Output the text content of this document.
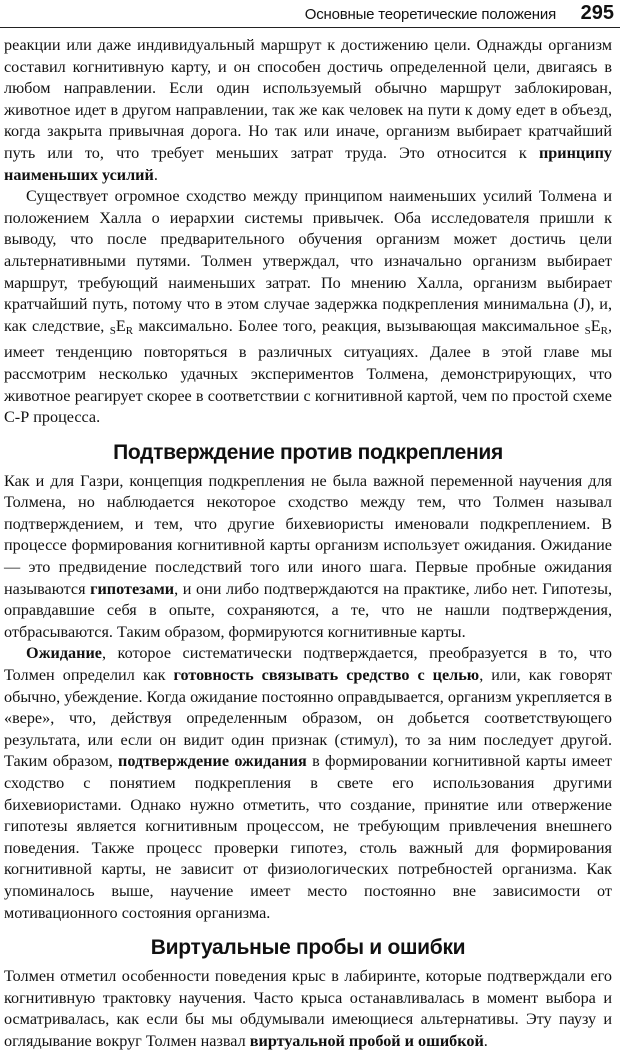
Основные теоретические положения 295

реакции или даже индивидуальный маршрут к достижению цели. Однажды организм составил когнитивную карту, и он способен достичь определенной цели, двигаясь в любом направлении. Если один используемый обычно маршрут заблокирован, животное идет в другом направлении, так же как человек на пути к дому едет в объезд, когда закрыта привычная дорога. Но так или иначе, организм выбирает кратчайший путь или то, что требует меньших затрат труда. Это относится к принципу наименьших усилий.

Существует огромное сходство между принципом наименьших усилий Толмена и положением Халла о иерархии системы привычек. Оба исследователя пришли к выводу, что после предварительного обучения организм может достичь цели альтернативными путями. Толмен утверждал, что изначально организм выбирает маршрут, требующий наименьших затрат. По мнению Халла, организм выбирает кратчайший путь, потому что в этом случае задержка подкрепления минимальна (J), и, как следствие, $_SE_R$ максимально. Более того, реакция, вызывающая максимальное $_SE_R$, имеет тенденцию повторяться в различных ситуациях. Далее в этой главе мы рассмотрим несколько удачных экспериментов Толмена, демонстрирующих, что животное реагирует скорее в соответствии с когнитивной картой, чем по простой схеме С-Р процесса.

Подтверждение против подкрепления

Как и для Газри, концепция подкрепления не была важной переменной научения для Толмена, но наблюдается некоторое сходство между тем, что Толмен называл подтверждением, и тем, что другие бихевиористы именовали подкреплением. В процессе формирования когнитивной карты организм использует ожидания. Ожидание — это предвидение последствий того или иного шага. Первые пробные ожидания называются гипотезами, и они либо подтверждаются на практике, либо нет. Гипотезы, оправдавшие себя в опыте, сохраняются, а те, что не нашли подтверждения, отбрасываются. Таким образом, формируются когнитивные карты.

Ожидание, которое систематически подтверждается, преобразуется в то, что Толмен определил как готовность связывать средство с целью, или, как говорят обычно, убеждение. Когда ожидание постоянно оправдывается, организм укрепляется в «вере», что, действуя определенным образом, он добьется соответствующего результата, или если он видит один признак (стимул), то за ним последует другой. Таким образом, подтверждение ожидания в формировании когнитивной карты имеет сходство с понятием подкрепления в свете его использования другими бихевиористами. Однако нужно отметить, что создание, принятие или отвержение гипотезы является когнитивным процессом, не требующим привлечения внешнего поведения. Также процесс проверки гипотез, столь важный для формирования когнитивной карты, не зависит от физиологических потребностей организма. Как упоминалось выше, научение имеет место постоянно вне зависимости от мотивационного состояния организма.

Виртуальные пробы и ошибки

Толмен отметил особенности поведения крыс в лабиринте, которые подтверждали его когнитивную трактовку научения. Часто крыса останавливалась в момент выбора и осматривалась, как если бы мы обдумывали имеющиеся альтернативы. Эту паузу и оглядывание вокруг Толмен назвал виртуальной пробой и ошибкой.
